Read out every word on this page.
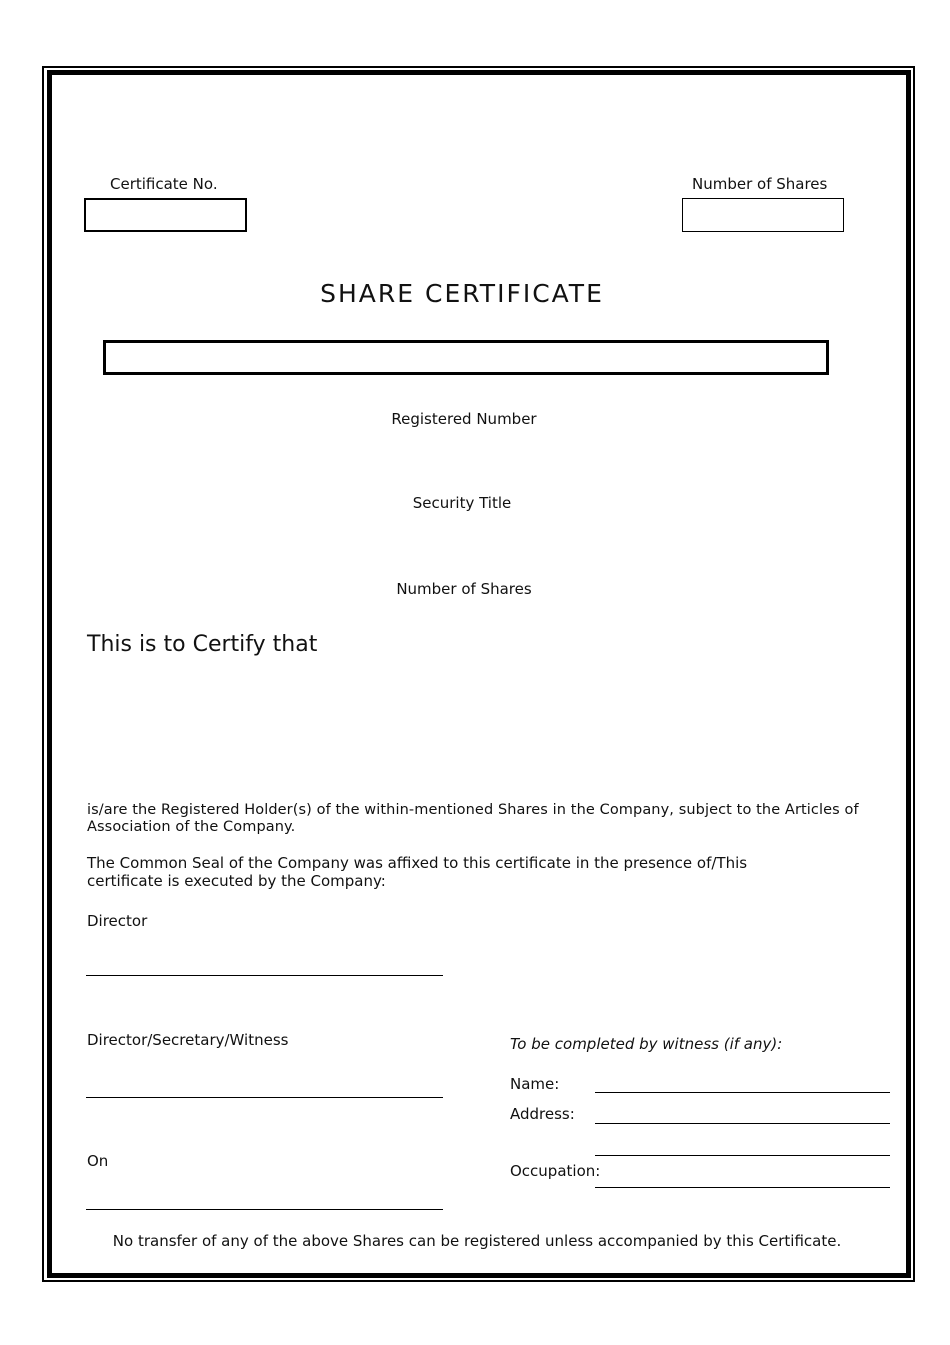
Certificate No.	Number of Shares
SHARE CERTIFICATE
Registered Number
Security Title
Number of Shares
This is to Certify that
is/are the Registered Holder(s) of the within-mentioned Shares in the Company, subject to the Articles of Association of the Company.
The Common Seal of the Company was affixed to this certificate in the presence of/This certificate is executed by the Company:
Director
Director/Secretary/Witness
On
To be completed by witness (if any):
Name:
Address:
Occupation:
No transfer of any of the above Shares can be registered unless accompanied by this Certificate.
